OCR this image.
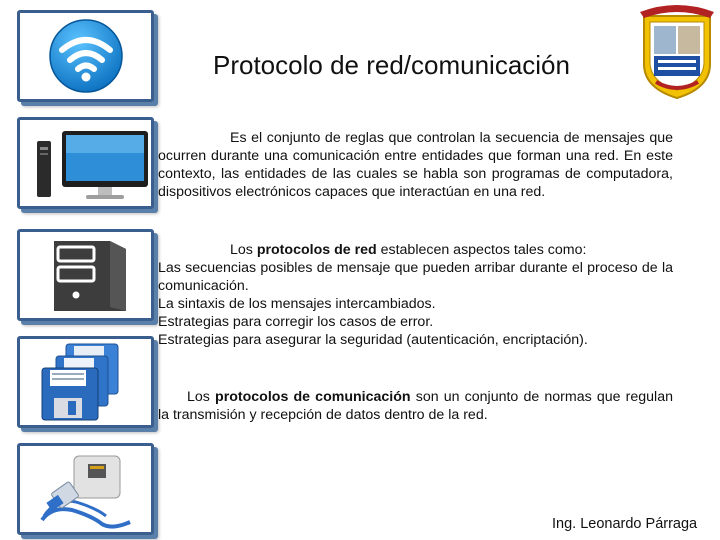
Protocolo de red/comunicación
Es el conjunto de reglas que controlan la secuencia de mensajes que ocurren durante una comunicación entre entidades que forman una red. En este contexto, las entidades de las cuales se habla son programas de computadora, dispositivos electrónicos capaces que interactúan en una red.
Los protocolos de red establecen aspectos tales como:
Las secuencias posibles de mensaje que pueden arribar durante el proceso de la comunicación.
La sintaxis de los mensajes intercambiados.
Estrategias para corregir los casos de error.
Estrategias para asegurar la seguridad (autenticación, encriptación).
Los protocolos de comunicación son un conjunto de normas que regulan la transmisión y recepción de datos dentro de la red.
Ing. Leonardo Párraga
